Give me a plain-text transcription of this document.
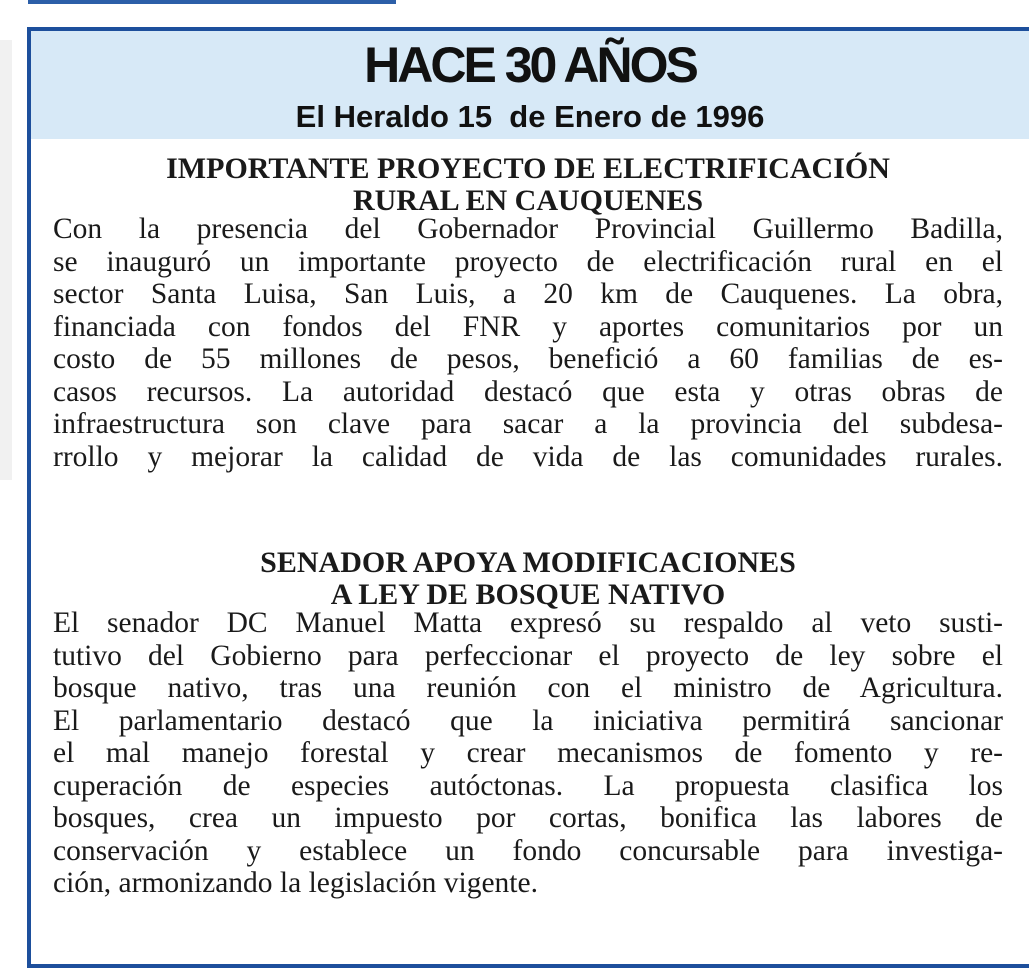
HACE 30 AÑOS
El Heraldo 15  de Enero de 1996
IMPORTANTE PROYECTO DE ELECTRIFICACIÓN
RURAL EN CAUQUENES
Con la presencia del Gobernador Provincial Guillermo Badilla,
se inauguró un importante proyecto de electrificación rural en el
sector Santa Luisa, San Luis, a 20 km de Cauquenes. La obra,
financiada con fondos del FNR y aportes comunitarios por un
costo de 55 millones de pesos, benefició a 60 familias de es-
casos recursos. La autoridad destacó que esta y otras obras de
infraestructura son clave para sacar a la provincia del subdesa-
rrollo y mejorar la calidad de vida de las comunidades rurales.
SENADOR APOYA MODIFICACIONES
A LEY DE BOSQUE NATIVO
El senador DC Manuel Matta expresó su respaldo al veto susti-
tutivo del Gobierno para perfeccionar el proyecto de ley sobre el
bosque nativo, tras una reunión con el ministro de Agricultura.
El parlamentario destacó que la iniciativa permitirá sancionar
el mal manejo forestal y crear mecanismos de fomento y re-
cuperación de especies autóctonas. La propuesta clasifica los
bosques, crea un impuesto por cortas, bonifica las labores de
conservación y establece un fondo concursable para investiga-
ción, armonizando la legislación vigente.
